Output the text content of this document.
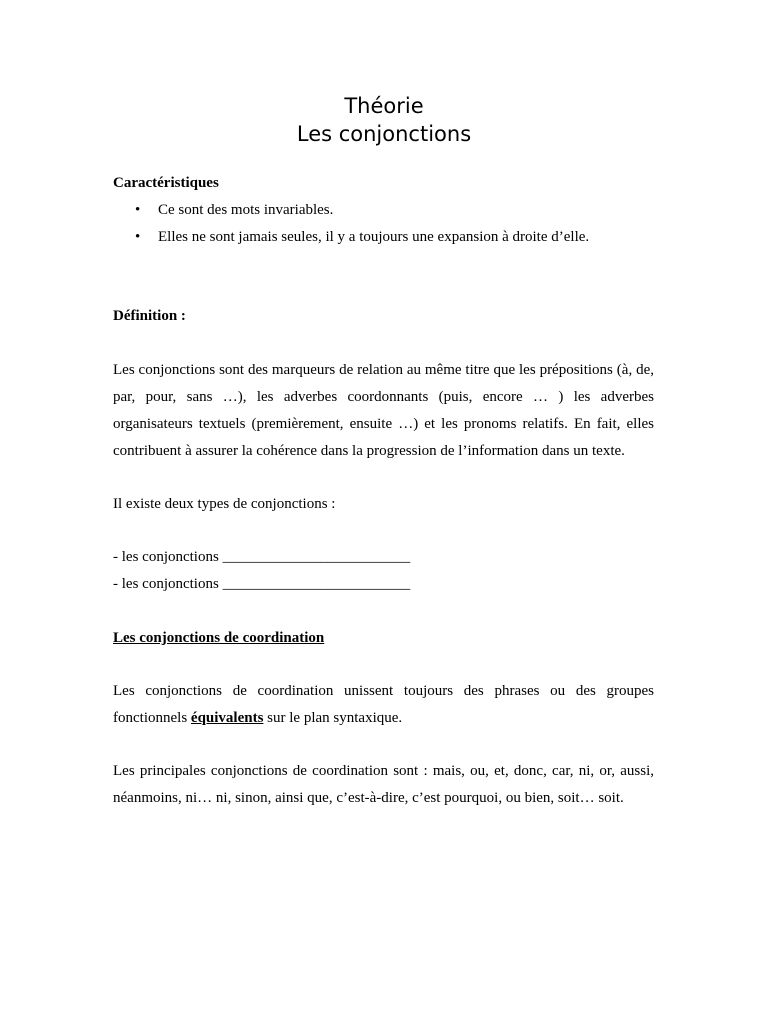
Théorie
Les conjonctions
Caractéristiques
• Ce sont des mots invariables.
• Elles ne sont jamais seules, il y a toujours une expansion à droite d’elle.
Définition :
Les conjonctions sont des marqueurs de relation au même titre que les prépositions (à, de, par, pour, sans …), les adverbes coordonnants (puis, encore … ) les adverbes organisateurs textuels (premièrement, ensuite …) et les pronoms relatifs. En fait, elles contribuent à assurer la cohérence dans la progression de l’information dans un texte.
Il existe deux types de conjonctions :
- les conjonctions _________________________
- les conjonctions _________________________
Les conjonctions de coordination
Les conjonctions de coordination unissent toujours des phrases ou des groupes fonctionnels équivalents sur le plan syntaxique.
Les principales conjonctions de coordination sont : mais, ou, et, donc, car, ni, or, aussi, néanmoins, ni… ni, sinon, ainsi que, c’est-à-dire, c’est pourquoi, ou bien, soit… soit.
